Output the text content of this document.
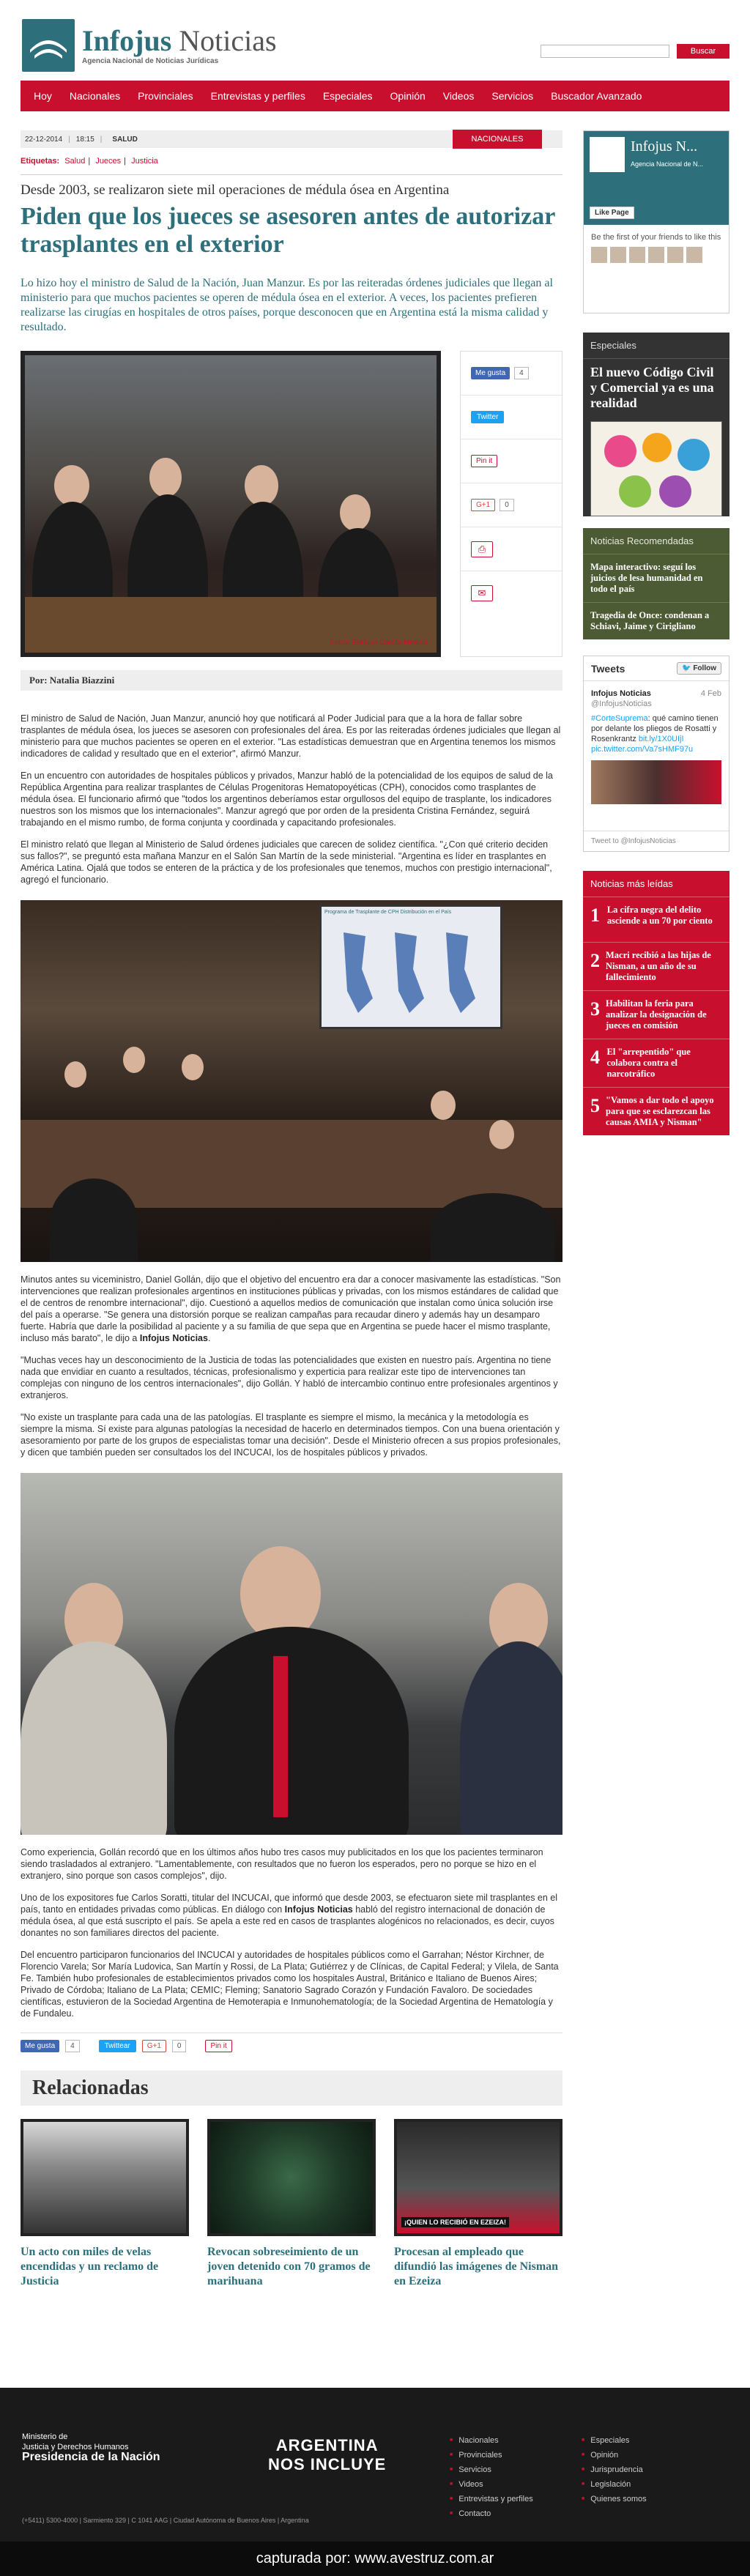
Infojus Noticias
Agencia Nacional de Noticias Jurídicas
Buscar
Hoy Nacionales Provinciales Entrevistas y perfiles Especiales Opinión Videos Servicios Buscador Avanzado
22-12-2014 | 18:15 | SALUD	NACIONALES
Etiquetas: Salud | Jueces | Justicia
Desde 2003, se realizaron siete mil operaciones de médula ósea en Argentina
Piden que los jueces se asesoren antes de autorizar trasplantes en el exterior

Lo hizo hoy el ministro de Salud de la Nación, Juan Manzur. Es por las reiteradas órdenes judiciales que llegan al ministerio para que muchos pacientes se operen de médula ósea en el exterior. A veces, los pacientes prefieren realizarse las cirugías en hospitales de otros países, porque desconocen que en Argentina está la misma calidad y resultado.

Fotos: Enrique García Medina
Me gusta	4
Twitter
Pin it
G+1	0
⎙
✉
Por: Natalia Biazzini

El ministro de Salud de Nación, Juan Manzur, anunció hoy que notificará al Poder Judicial para que a la hora de fallar sobre trasplantes de médula ósea, los jueces se asesoren con profesionales del área. Es por las reiteradas órdenes judiciales que llegan al ministerio para que muchos pacientes se operen en el exterior. "Las estadísticas demuestran que en Argentina tenemos los mismos indicadores de calidad y resultado que en el exterior", afirmó Manzur.

En un encuentro con autoridades de hospitales públicos y privados, Manzur habló de la potencialidad de los equipos de salud de la República Argentina para realizar trasplantes de Células Progenitoras Hematopoyéticas (CPH), conocidos como trasplantes de médula ósea. El funcionario afirmó que "todos los argentinos deberíamos estar orgullosos del equipo de trasplante, los indicadores nuestros son los mismos que los internacionales". Manzur agregó que por orden de la presidenta Cristina Fernández, seguirá trabajando en el mismo rumbo, de forma conjunta y coordinada y capacitando profesionales.

El ministro relató que llegan al Ministerio de Salud órdenes judiciales que carecen de solidez científica. "¿Con qué criterio deciden sus fallos?", se preguntó esta mañana Manzur en el Salón San Martín de la sede ministerial. "Argentina es líder en trasplantes en América Latina. Ojalá que todos se enteren de la práctica y de los profesionales que tenemos, muchos con prestigio internacional", agregó el funcionario.

Programa de Trasplante de CPH Distribución en el País

Minutos antes su viceministro, Daniel Gollán, dijo que el objetivo del encuentro era dar a conocer masivamente las estadísticas. "Son intervenciones que realizan profesionales argentinos en instituciones públicas y privadas, con los mismos estándares de calidad que el de centros de renombre internacional", dijo. Cuestionó a aquellos medios de comunicación que instalan como única solución irse del país a operarse. "Se genera una distorsión porque se realizan campañas para recaudar dinero y además hay un desamparo fuerte. Habría que darle la posibilidad al paciente y a su familia de que sepa que en Argentina se puede hacer el mismo trasplante, incluso más barato", le dijo a Infojus Noticias.

"Muchas veces hay un desconocimiento de la Justicia de todas las potencialidades que existen en nuestro país. Argentina no tiene nada que envidiar en cuanto a resultados, técnicas, profesionalismo y experticia para realizar este tipo de intervenciones tan complejas con ninguno de los centros internacionales", dijo Gollán. Y habló de intercambio continuo entre profesionales argentinos y extranjeros.

"No existe un trasplante para cada una de las patologías. El trasplante es siempre el mismo, la mecánica y la metodología es siempre la misma. Sí existe para algunas patologías la necesidad de hacerlo en determinados tiempos. Con una buena orientación y asesoramiento por parte de los grupos de especialistas tomar una decisión". Desde el Ministerio ofrecen a sus propios profesionales, y dicen que también pueden ser consultados los del INCUCAI, los de hospitales públicos y privados.

Como experiencia, Gollán recordó que en los últimos años hubo tres casos muy publicitados en los que los pacientes terminaron siendo trasladados al extranjero. "Lamentablemente, con resultados que no fueron los esperados, pero no porque se hizo en el extranjero, sino porque son casos complejos", dijo.

Uno de los expositores fue Carlos Soratti, titular del INCUCAI, que informó que desde 2003, se efectuaron siete mil trasplantes en el país, tanto en entidades privadas como públicas. En diálogo con Infojus Noticias habló del registro internacional de donación de médula ósea, al que está suscripto el país. Se apela a este red en casos de trasplantes alogénicos no relacionados, es decir, cuyos donantes no son familiares directos del paciente.

Del encuentro participaron funcionarios del INCUCAI y autoridades de hospitales públicos como el Garrahan; Néstor Kirchner, de Florencio Varela; Sor María Ludovica, San Martín y Rossi, de La Plata; Gutiérrez y de Clínicas, de Capital Federal; y Vilela, de Santa Fe. También hubo profesionales de establecimientos privados como los hospitales Austral, Británico e Italiano de Buenos Aires; Privado de Córdoba; Italiano de La Plata; CEMIC; Fleming; Sanatorio Sagrado Corazón y Fundación Favaloro. De sociedades científicas, estuvieron de la Sociedad Argentina de Hemoterapia e Inmunohematología; de la Sociedad Argentina de Hematología y de Fundaleu.

Me gusta	4	Twittear	G+1	0	Pin it
Relacionadas
Un acto con miles de velas encendidas y un reclamo de Justicia
Revocan sobreseimiento de un joven detenido con 70 gramos de marihuana
¡QUIEN LO RECIBIÓ EN EZEIZA!
Procesan al empleado que difundió las imágenes de Nisman en Ezeiza
Infojus N...
Agencia Nacional de N...
Like Page
Be the first of your friends to like this
Especiales
El nuevo Código Civil y Comercial ya es una realidad
Noticias Recomendadas
Mapa interactivo: seguí los juicios de lesa humanidad en todo el país
Tragedia de Once: condenan a Schiavi, Jaime y Cirigliano
Tweets	🐦 Follow
Infojus Noticias
@InfojusNoticias
4 Feb
#CorteSuprema: qué camino tienen por delante los pliegos de Rosatti y Rosenkrantz bit.ly/1X0UIjI
pic.twitter.com/Va7sHMF97u
Tweet to @InfojusNoticias
Noticias más leídas
1 La cifra negra del delito asciende a un 70 por ciento
2 Macri recibió a las hijas de Nisman, a un año de su fallecimiento
3 Habilitan la feria para analizar la designación de jueces en comisión
4 El "arrepentido" que colabora contra el narcotráfico
5 "Vamos a dar todo el apoyo para que se esclarezcan las causas AMIA y Nisman"
Ministerio de
Justicia y Derechos Humanos
Presidencia de la Nación
(+5411) 5300-4000 | Sarmiento 329 | C 1041 AAG | Ciudad Autónoma de Buenos Aires | Argentina
ARGENTINA
NOS INCLUYE
■ Nacionales
■ Provinciales
■ Servicios
■ Videos
■ Entrevistas y perfiles
■ Contacto
■ Especiales
■ Opinión
■ Jurisprudencia
■ Legislación
■ Quienes somos
capturada por: www.avestruz.com.ar
